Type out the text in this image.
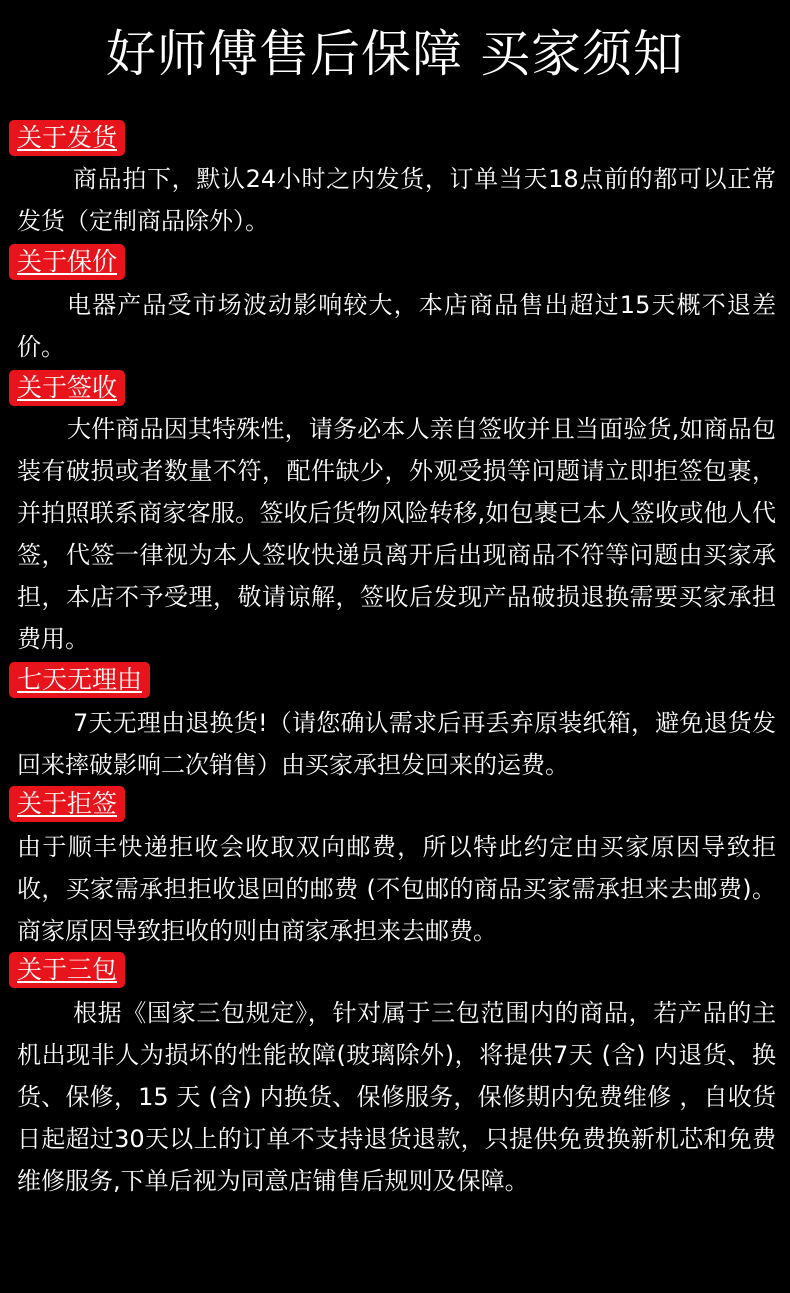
好师傅售后保障 买家须知
关于发货

商品拍下，默认24小时之内发货，订单当天18点前的都可以正常发货（定制商品除外）。

关于保价

电器产品受市场波动影响较大，本店商品售出超过15天概不退差价。

关于签收

大件商品因其特殊性，请务必本人亲自签收并且当面验货,如商品包装有破损或者数量不符，配件缺少，外观受损等问题请立即拒签包裹，并拍照联系商家客服。签收后货物风险转移,如包裹已本人签收或他人代签，代签一律视为本人签收快递员离开后出现商品不符等问题由买家承担，本店不予受理，敬请谅解，签收后发现产品破损退换需要买家承担费用。

七天无理由

7天无理由退换货!（请您确认需求后再丢弃原装纸箱，避免退货发回来摔破影响二次销售）由买家承担发回来的运费。

关于拒签

由于顺丰快递拒收会收取双向邮费，所以特此约定由买家原因导致拒收，买家需承担拒收退回的邮费 (不包邮的商品买家需承担来去邮费)。商家原因导致拒收的则由商家承担来去邮费。

关于三包

根据《国家三包规定》，针对属于三包范围内的商品，若产品的主机出现非人为损坏的性能故障(玻璃除外)，将提供7天 (含) 内退货、换货、保修，15 天 (含) 内换货、保修服务，保修期内免费维修 ，自收货日起超过30天以上的订单不支持退货退款，只提供免费换新机芯和免费维修服务,下单后视为同意店铺售后规则及保障。
